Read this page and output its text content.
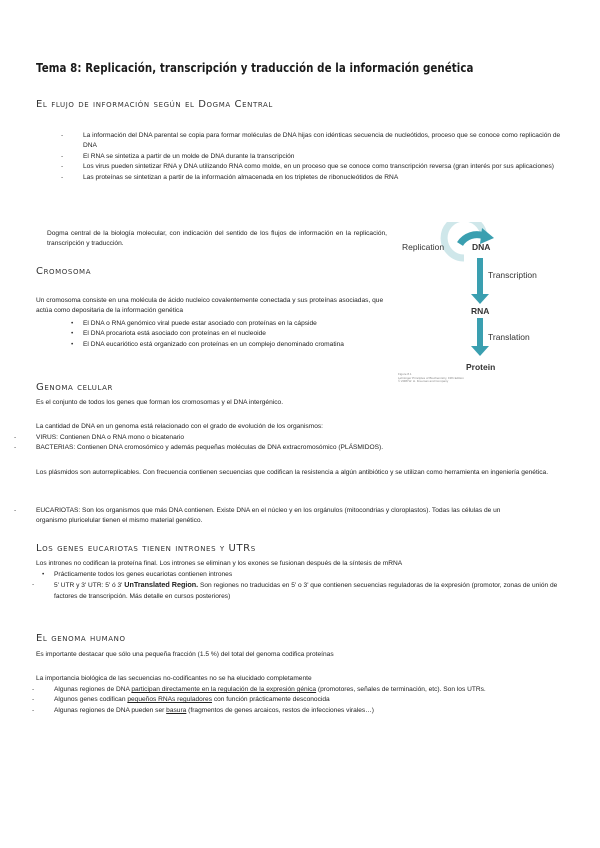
Tema 8: Replicación, transcripción y traducción de la información genética
El flujo de información según el Dogma Central
- La información del DNA parental se copia para formar moléculas de DNA hijas con idénticas secuencia de nucleótidos, proceso que se conoce como replicación de DNA
- El RNA se sintetiza a partir de un molde de DNA durante la transcripción
- Los virus pueden sintetizar RNA y DNA utilizando RNA como molde, en un proceso que se conoce como transcripción reversa (gran interés por sus aplicaciones)
- Las proteínas se sintetizan a partir de la información almacenada en los tripletes de ribonucleótidos de RNA
Dogma central de la biología molecular, con indicación del sentido de los flujos de información en la replicación, transcripción y traducción.	Replication	DNA
Transcription
RNA
Translation
Protein
Figure 8.1
Lehninger Principles of Biochemistry, Fifth Edition
© 2008 W. H. Freeman and Company
Cromosoma
Un cromosoma consiste en una molécula de ácido nucleico covalentemente conectada y sus proteínas asociadas, que actúa como depositaria de la información genética
• El DNA o RNA genómico viral puede estar asociado con proteínas en la cápside
• El DNA procariota está asociado con proteínas en el nucleoide
• El DNA eucariótico está organizado con proteínas en un complejo denominado cromatina
Genoma celular
Es el conjunto de todos los genes que forman los cromosomas y el DNA intergénico.
La cantidad de DNA en un genoma está relacionado con el grado de evolución de los organismos:
- VIRUS: Contienen DNA o RNA mono o bicatenario
- BACTERIAS: Contienen DNA cromosómico y además pequeñas moléculas de DNA extracromosómico (PLÁSMIDOS).
Los plásmidos son autorreplicables. Con frecuencia contienen secuencias que codifican la resistencia a algún antibiótico y se utilizan como herramienta en ingeniería genética.
- EUCARIOTAS: Son los organismos que más DNA contienen. Existe DNA en el núcleo y en los orgánulos (mitocondrias y cloroplastos). Todas las células de un organismo pluricelular tienen el mismo material genético.
Los genes eucariotas tienen intrones y UTRs
Los intrones no codifican la proteína final. Los intrones se eliminan y los exones se fusionan después de la síntesis de mRNA
• Prácticamente todos los genes eucariotas contienen intrones
- 5' UTR y 3' UTR: 5' ó 3' UnTranslated Region. Son regiones no traducidas en 5' o 3' que contienen secuencias reguladoras de la expresión (promotor, zonas de unión de factores de transcripción. Más detalle en cursos posteriores)
El genoma humano
Es importante destacar que sólo una pequeña fracción (1.5 %) del total del genoma codifica proteínas
La importancia biológica de las secuencias no-codificantes no se ha elucidado completamente
- Algunas regiones de DNA participan directamente en la regulación de la expresión génica (promotores, señales de terminación, etc). Son los UTRs.
- Algunos genes codifican pequeños RNAs reguladores con función prácticamente desconocida
- Algunas regiones de DNA pueden ser basura (fragmentos de genes arcaicos, restos de infecciones virales…)
